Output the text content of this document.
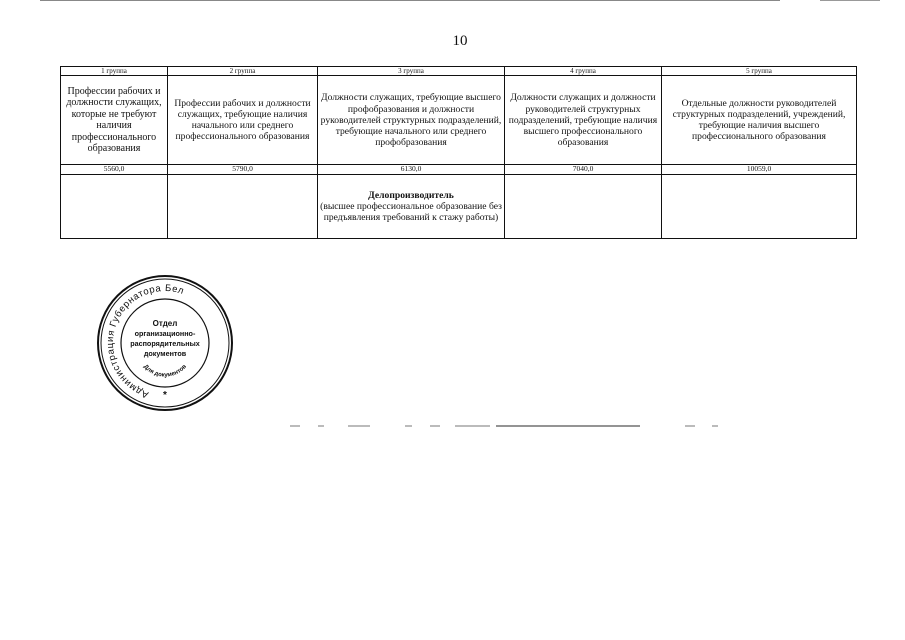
10
1 группа	2 группа	3 группа	4 группа	5 группа
Профессии рабочих и должности служащих, которые не требуют наличия профессионального образования	Профессии рабочих и должности служащих, требующие наличия начального или среднего профессионального образования	Должности служащих, требующие высшего профобразования и должности руководителей структурных подразделений, требующие начального или среднего профобразования	Должности служащих и должности руководителей структурных подразделений, требующие наличия высшего профессионального образования	Отдельные должности руководителей структурных подразделений, учреждений, требующие наличия высшего профессионального образования
5560,0	5790,0	6130,0	7040,0	10059,0

		Делопроизводитель
(высшее профессиональное образование без предъявления требований к стажу работы)		

Администрация Губернатора Белгородской
Отдел
организационно-
распорядительных
документов
Для документов
*
